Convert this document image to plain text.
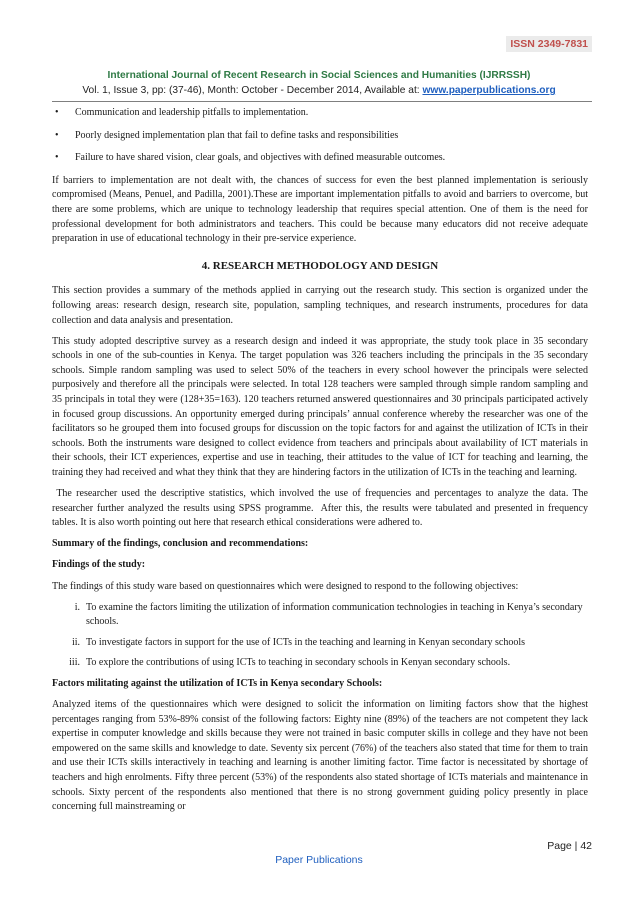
ISSN 2349-7831
International Journal of Recent Research in Social Sciences and Humanities (IJRRSSH)
Vol. 1, Issue 3, pp: (37-46), Month: October - December 2014, Available at: www.paperpublications.org
• Communication and leadership pitfalls to implementation.
• Poorly designed implementation plan that fail to define tasks and responsibilities
• Failure to have shared vision, clear goals, and objectives with defined measurable outcomes.

If barriers to implementation are not dealt with, the chances of success for even the best planned implementation is seriously compromised (Means, Penuel, and Padilla, 2001).These are important implementation pitfalls to avoid and barriers to overcome, but there are some problems, which are unique to technology leadership that requires special attention. One of them is the need for professional development for both administrators and teachers. This could be because many educators did not receive adequate preparation in use of educational technology in their pre-service experience.

4. RESEARCH METHODOLOGY AND DESIGN

This section provides a summary of the methods applied in carrying out the research study. This section is organized under the following areas: research design, research site, population, sampling techniques, and research instruments, procedures for data collection and data analysis and presentation.

This study adopted descriptive survey as a research design and indeed it was appropriate, the study took place in 35 secondary schools in one of the sub-counties in Kenya. The target population was 326 teachers including the principals in the 35 secondary schools. Simple random sampling was used to select 50% of the teachers in every school however the principals were selected purposively and therefore all the principals were selected. In total 128 teachers were sampled through simple random sampling and 35 principals in total they were (128+35=163). 120 teachers returned answered questionnaires and 30 principals participated actively in focused group discussions. An opportunity emerged during principals’ annual conference whereby the researcher was one of the facilitators so he grouped them into focused groups for discussion on the topic factors for and against the utilization of ICTs in their schools. Both the instruments ware designed to collect evidence from teachers and principals about availability of ICT materials in their schools, their ICT experiences, expertise and use in teaching, their attitudes to the value of ICT for teaching and learning, the training they had received and what they think that they are hindering factors in the utilization of ICTs in the teaching and learning.

The researcher used the descriptive statistics, which involved the use of frequencies and percentages to analyze the data. The researcher further analyzed the results using SPSS programme.  After this, the results were tabulated and presented in frequency tables. It is also worth pointing out here that research ethical considerations were adhered to.

Summary of the findings, conclusion and recommendations:
Findings of the study:

The findings of this study ware based on questionnaires which were designed to respond to the following objectives:

i. To examine the factors limiting the utilization of information communication technologies in teaching in Kenya’s secondary schools.
ii. To investigate factors in support for the use of ICTs in the teaching and learning in Kenyan secondary schools
iii. To explore the contributions of using ICTs to teaching in secondary schools in Kenyan secondary schools.
Factors militating against the utilization of ICTs in Kenya secondary Schools:

Analyzed items of the questionnaires which were designed to solicit the information on limiting factors show that the highest percentages ranging from 53%-89% consist of the following factors: Eighty nine (89%) of the teachers are not competent they lack expertise in computer knowledge and skills because they were not trained in basic computer skills in college and they have not been empowered on the same skills and knowledge to date. Seventy six percent (76%) of the teachers also stated that time for them to train and use their ICTs skills interactively in teaching and learning is another limiting factor. Time factor is necessitated by shortage of teachers and high enrolments. Fifty three percent (53%) of the respondents also stated shortage of ICTs materials and maintenance in schools. Sixty percent of the respondents also mentioned that there is no strong government guiding policy presently in place concerning full mainstreaming or

Page | 42
Paper Publications
